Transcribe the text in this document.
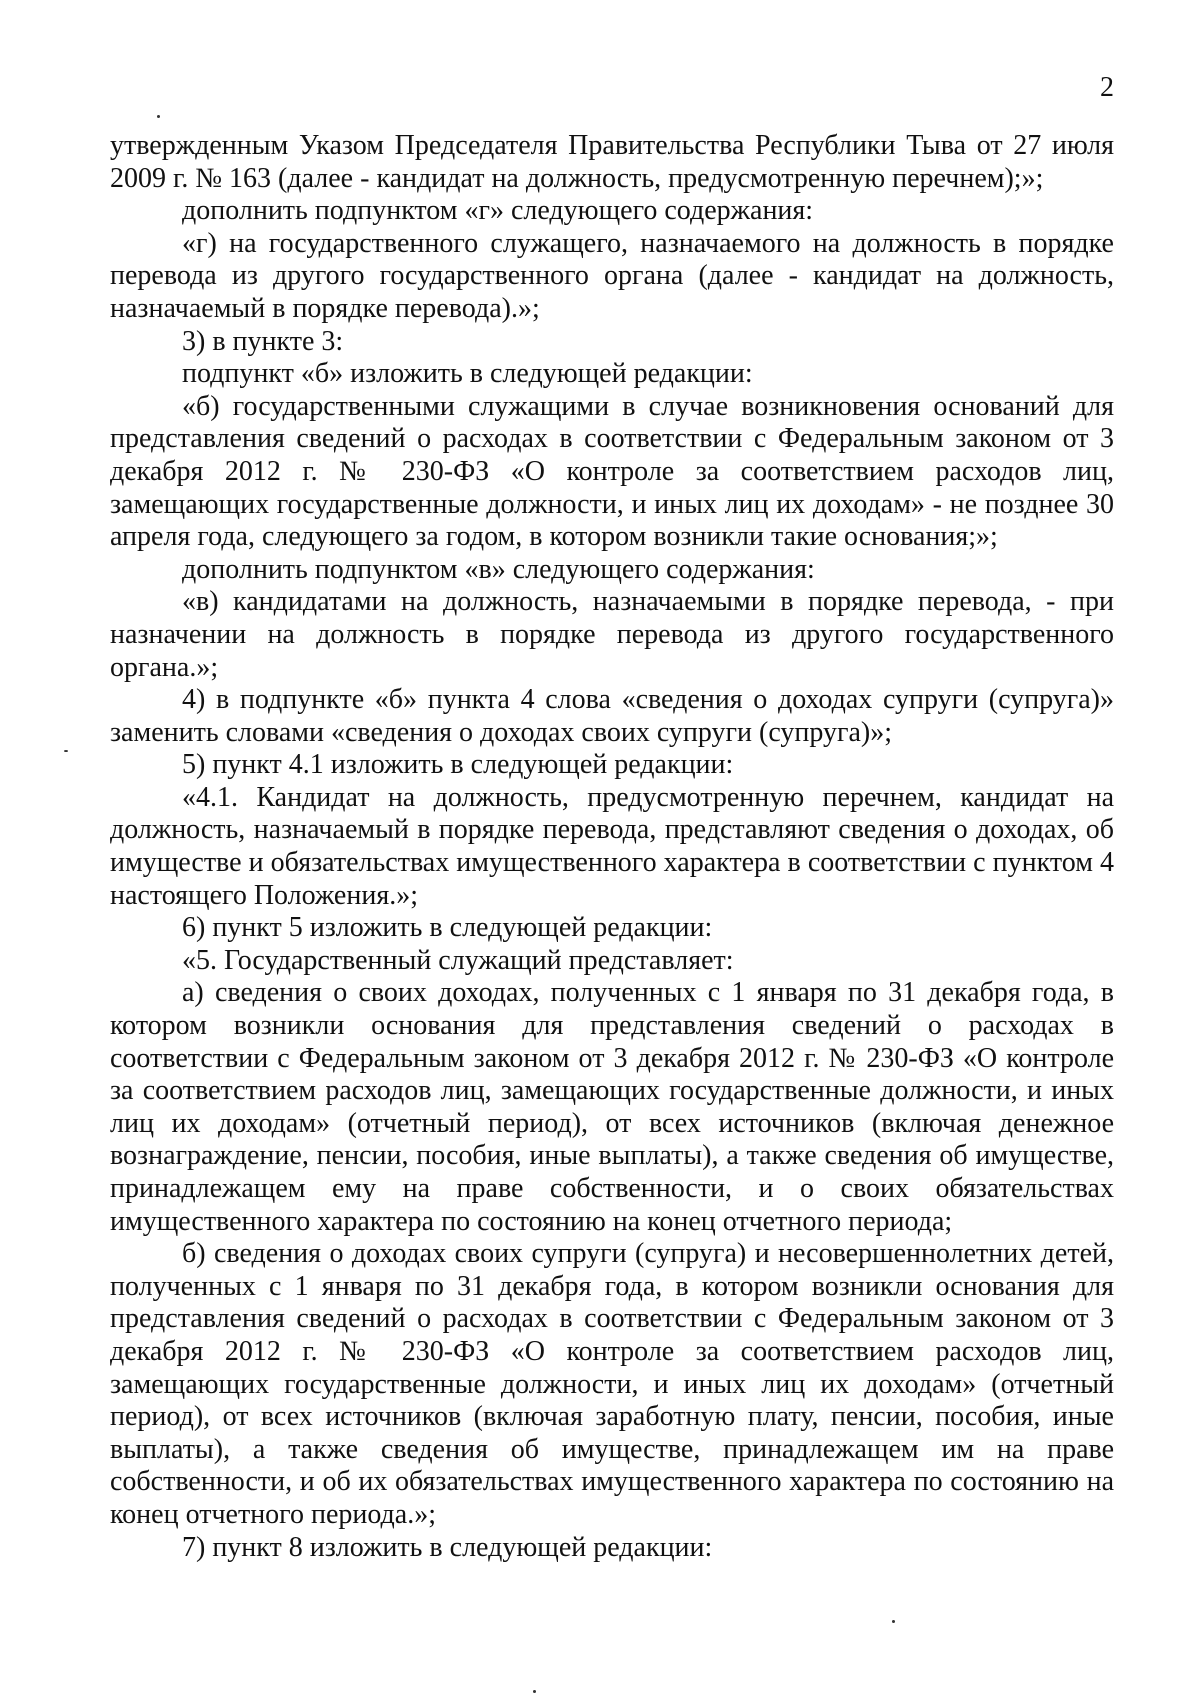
2

утвержденным Указом Председателя Правительства Республики Тыва от 27 июля 2009 г. № 163 (далее - кандидат на должность, предусмотренную перечнем);»;

дополнить подпунктом «г» следующего содержания:

«г) на государственного служащего, назначаемого на должность в порядке перевода из другого государственного органа (далее - кандидат на должность, назначаемый в порядке перевода).»;

3) в пункте 3:

подпункт «б» изложить в следующей редакции:

«б) государственными служащими в случае возникновения оснований для представления сведений о расходах в соответствии с Федеральным законом от 3 декабря 2012 г. № 230-ФЗ «О контроле за соответствием расходов лиц, замещающих государственные должности, и иных лиц их доходам» - не позднее 30 апреля года, следующего за годом, в котором возникли такие основания;»;

дополнить подпунктом «в» следующего содержания:

«в) кандидатами на должность, назначаемыми в порядке перевода, - при назначении на должность в порядке перевода из другого государственного органа.»;

4) в подпункте «б» пункта 4 слова «сведения о доходах супруги (супруга)» заменить словами «сведения о доходах своих супруги (супруга)»;

5) пункт 4.1 изложить в следующей редакции:

«4.1. Кандидат на должность, предусмотренную перечнем, кандидат на должность, назначаемый в порядке перевода, представляют сведения о доходах, об имуществе и обязательствах имущественного характера в соответствии с пунктом 4 настоящего Положения.»;

6) пункт 5 изложить в следующей редакции:

«5. Государственный служащий представляет:

а) сведения о своих доходах, полученных с 1 января по 31 декабря года, в котором возникли основания для представления сведений о расходах в соответствии с Федеральным законом от 3 декабря 2012 г. № 230-ФЗ «О контроле за соответствием расходов лиц, замещающих государственные должности, и иных лиц их доходам» (отчетный период), от всех источников (включая денежное вознаграждение, пенсии, пособия, иные выплаты), а также сведения об имуществе, принадлежащем ему на праве собственности, и о своих обязательствах имущественного характера по состоянию на конец отчетного периода;

б) сведения о доходах своих супруги (супруга) и несовершеннолетних детей, полученных с 1 января по 31 декабря года, в котором возникли основания для представления сведений о расходах в соответствии с Федеральным законом от 3 декабря 2012 г. № 230-ФЗ «О контроле за соответствием расходов лиц, замещающих государственные должности, и иных лиц их доходам» (отчетный период), от всех источников (включая заработную плату, пенсии, пособия, иные выплаты), а также сведения об имуществе, принадлежащем им на праве собственности, и об их обязательствах имущественного характера по состоянию на конец отчетного периода.»;

7) пункт 8 изложить в следующей редакции:
